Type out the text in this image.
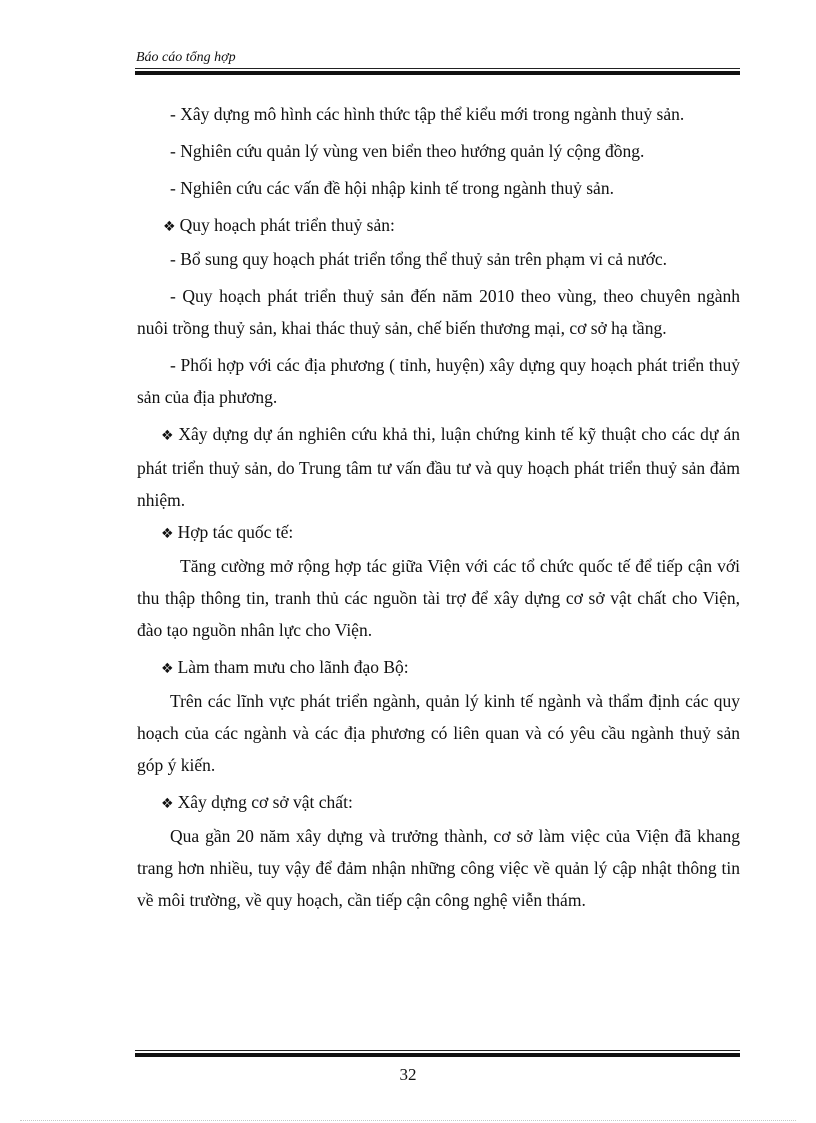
Báo cáo tổng hợp

- Xây dựng mô hình các hình thức tập thể kiểu mới trong ngành thuỷ sản.

- Nghiên cứu quản lý vùng ven biển theo hướng quản lý cộng đồng.

- Nghiên cứu các vấn đề hội nhập kinh tế trong ngành thuỷ sản.

❖ Quy hoạch phát triển thuỷ sản:

- Bổ sung quy hoạch phát triển tổng thể thuỷ sản trên phạm vi cả nước.

- Quy hoạch phát triển thuỷ sản đến năm 2010 theo vùng, theo chuyên ngành nuôi trồng thuỷ sản, khai thác thuỷ sản, chế biến thương mại, cơ sở hạ tầng.

- Phối hợp với các địa phương ( tỉnh, huyện) xây dựng quy hoạch phát triển thuỷ sản của địa phương.

❖ Xây dựng dự án nghiên cứu khả thi, luận chứng kinh tế kỹ thuật cho các dự án phát triển thuỷ sản, do Trung tâm tư vấn đầu tư và quy hoạch phát triển thuỷ sản đảm nhiệm.

❖ Hợp tác quốc tế:

Tăng cường mở rộng hợp tác giữa Viện với các tổ chức quốc tế để tiếp cận với thu thập thông tin, tranh thủ các nguồn tài trợ để xây dựng cơ sở vật chất cho Viện, đào tạo nguồn nhân lực cho Viện.

❖ Làm tham mưu cho lãnh đạo Bộ:

Trên các lĩnh vực phát triển ngành, quản lý kinh tế ngành và thẩm định các quy hoạch của các ngành và các địa phương có liên quan và có yêu cầu ngành thuỷ sản góp ý kiến.

❖ Xây dựng cơ sở vật chất:

Qua gần 20 năm xây dựng và trưởng thành, cơ sở làm việc của Viện đã khang trang hơn nhiều, tuy vậy để đảm nhận những công việc về quản lý cập nhật thông tin về môi trường, về quy hoạch, cần tiếp cận công nghệ viễn thám.

32
